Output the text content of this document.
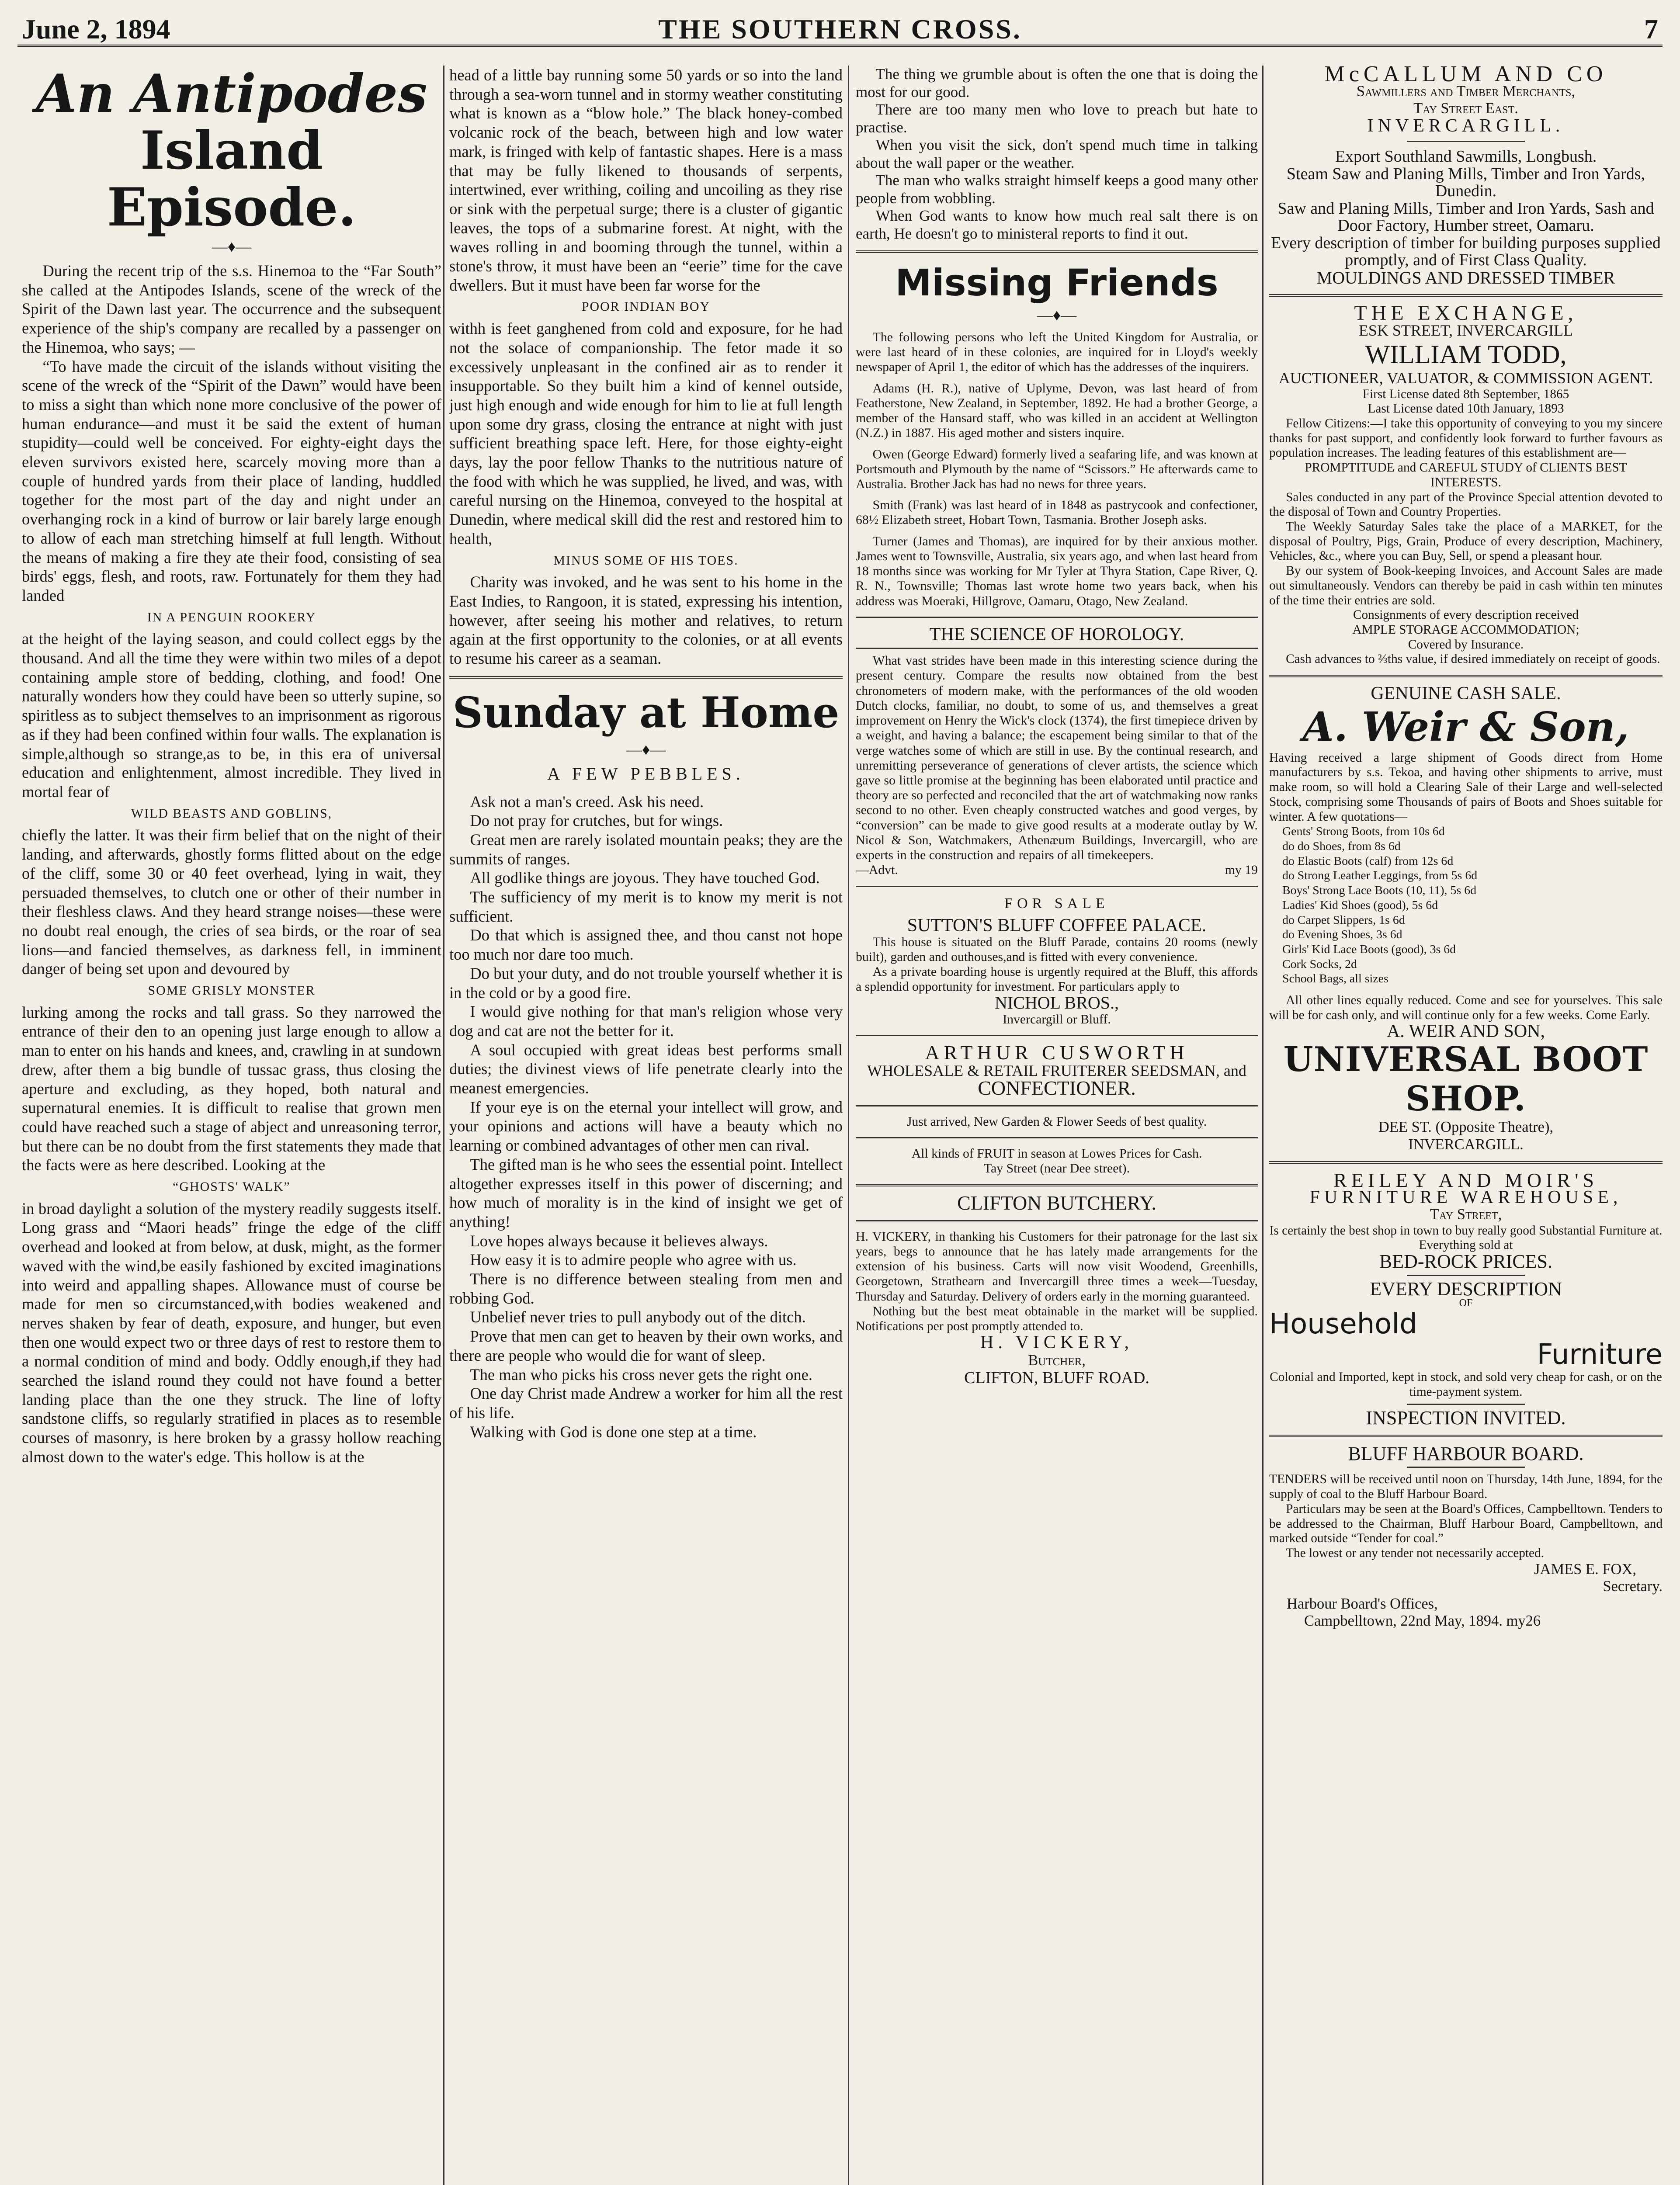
June 2, 1894	THE SOUTHERN CROSS.	7
An Antipodes
Island Episode.
—♦—

During the recent trip of the s.s. Hinemoa to the “Far South” she called at the Antipodes Islands, scene of the wreck of the Spirit of the Dawn last year. The occurrence and the subsequent experience of the ship's company are recalled by a passenger on the Hinemoa, who says; —

“To have made the circuit of the islands without visiting the scene of the wreck of the “Spirit of the Dawn” would have been to miss a sight than which none more conclusive of the power of human endurance—and must it be said the extent of human stupidity—could well be conceived. For eighty-eight days the eleven survivors existed here, scarcely moving more than a couple of hundred yards from their place of landing, huddled together for the most part of the day and night under an overhanging rock in a kind of burrow or lair barely large enough to allow of each man stretching himself at full length. Without the means of making a fire they ate their food, consisting of sea birds' eggs, flesh, and roots, raw. Fortunately for them they had landed

IN A PENGUIN ROOKERY

at the height of the laying season, and could collect eggs by the thousand. And all the time they were within two miles of a depot containing ample store of bedding, clothing, and food! One naturally wonders how they could have been so utterly supine, so spiritless as to subject themselves to an imprisonment as rigorous as if they had been confined within four walls. The explanation is simple,although so strange,as to be, in this era of universal education and enlightenment, almost incredible. They lived in mortal fear of

WILD BEASTS AND GOBLINS,

chiefly the latter. It was their firm belief that on the night of their landing, and afterwards, ghostly forms flitted about on the edge of the cliff, some 30 or 40 feet overhead, lying in wait, they persuaded themselves, to clutch one or other of their number in their fleshless claws. And they heard strange noises—these were no doubt real enough, the cries of sea birds, or the roar of sea lions—and fancied themselves, as darkness fell, in imminent danger of being set upon and devoured by

SOME GRISLY MONSTER

lurking among the rocks and tall grass. So they narrowed the entrance of their den to an opening just large enough to allow a man to enter on his hands and knees, and, crawling in at sundown drew, after them a big bundle of tussac grass, thus closing the aperture and excluding, as they hoped, both natural and supernatural enemies. It is difficult to realise that grown men could have reached such a stage of abject and unreasoning terror, but there can be no doubt from the first statements they made that the facts were as here described. Looking at the

“GHOSTS' WALK”

in broad daylight a solution of the mystery readily suggests itself. Long grass and “Maori heads” fringe the edge of the cliff overhead and looked at from below, at dusk, might, as the former waved with the wind,be easily fashioned by excited imaginations into weird and appalling shapes. Allowance must of course be made for men so circumstanced,with bodies weakened and nerves shaken by fear of death, exposure, and hunger, but even then one would expect two or three days of rest to restore them to a normal condition of mind and body. Oddly enough,if they had searched the island round they could not have found a better landing place than the one they struck. The line of lofty sandstone cliffs, so regularly stratified in places as to resemble courses of masonry, is here broken by a grassy hollow reaching almost down to the water's edge. This hollow is at the

head of a little bay running some 50 yards or so into the land through a sea-worn tunnel and in stormy weather constituting what is known as a “blow hole.” The black honey-combed volcanic rock of the beach, between high and low water mark, is fringed with kelp of fantastic shapes. Here is a mass that may be fully likened to thousands of serpents, intertwined, ever writhing, coiling and uncoiling as they rise or sink with the perpetual surge; there is a cluster of gigantic leaves, the tops of a submarine forest. At night, with the waves rolling in and booming through the tunnel, within a stone's throw, it must have been an “eerie” time for the cave dwellers. But it must have been far worse for the

POOR INDIAN BOY

withh is feet ganghened from cold and exposure, for he had not the solace of companionship. The fetor made it so excessively unpleasant in the confined air as to render it insupportable. So they built him a kind of kennel outside, just high enough and wide enough for him to lie at full length upon some dry grass, closing the entrance at night with just sufficient breathing space left. Here, for those eighty-eight days, lay the poor fellow Thanks to the nutritious nature of the food with which he was supplied, he lived, and was, with careful nursing on the Hinemoa, conveyed to the hospital at Dunedin, where medical skill did the rest and restored him to health,

MINUS SOME OF HIS TOES.

Charity was invoked, and he was sent to his home in the East Indies, to Rangoon, it is stated, expressing his intention, however, after seeing his mother and relatives, to return again at the first opportunity to the colonies, or at all events to resume his career as a seaman.

Sunday at Home
—♦—
A FEW PEBBLES.

Ask not a man's creed. Ask his need.

Do not pray for crutches, but for wings.

Great men are rarely isolated mountain peaks; they are the summits of ranges.

All godlike things are joyous. They have touched God.

The sufficiency of my merit is to know my merit is not sufficient.

Do that which is assigned thee, and thou canst not hope too much nor dare too much.

Do but your duty, and do not trouble yourself whether it is in the cold or by a good fire.

I would give nothing for that man's religion whose very dog and cat are not the better for it.

A soul occupied with great ideas best performs small duties; the divinest views of life penetrate clearly into the meanest emergencies.

If your eye is on the eternal your intellect will grow, and your opinions and actions will have a beauty which no learning or combined advantages of other men can rival.

The gifted man is he who sees the essential point. Intellect altogether expresses itself in this power of discerning; and how much of morality is in the kind of insight we get of anything!

Love hopes always because it believes always.

How easy it is to admire people who agree with us.

There is no difference between stealing from men and robbing God.

Unbelief never tries to pull anybody out of the ditch.

Prove that men can get to heaven by their own works, and there are people who would die for want of sleep.

The man who picks his cross never gets the right one.

One day Christ made Andrew a worker for him all the rest of his life.

Walking with God is done one step at a time.

The thing we grumble about is often the one that is doing the most for our good.

There are too many men who love to preach but hate to practise.

When you visit the sick, don't spend much time in talking about the wall paper or the weather.

The man who walks straight himself keeps a good many other people from wobbling.

When God wants to know how much real salt there is on earth, He doesn't go to ministeral reports to find it out.

Missing Friends
—♦—

The following persons who left the United Kingdom for Australia, or were last heard of in these colonies, are inquired for in Lloyd's weekly newspaper of April 1, the editor of which has the addresses of the inquirers.

Adams (H. R.), native of Uplyme, Devon, was last heard of from Featherstone, New Zealand, in September, 1892. He had a brother George, a member of the Hansard staff, who was killed in an accident at Wellington (N.Z.) in 1887. His aged mother and sisters inquire.

Owen (George Edward) formerly lived a seafaring life, and was known at Portsmouth and Plymouth by the name of “Scissors.” He afterwards came to Australia. Brother Jack has had no news for three years.

Smith (Frank) was last heard of in 1848 as pastrycook and confectioner, 68½ Elizabeth street, Hobart Town, Tasmania. Brother Joseph asks.

Turner (James and Thomas), are inquired for by their anxious mother. James went to Townsville, Australia, six years ago, and when last heard from 18 months since was working for Mr Tyler at Thyra Station, Cape River, Q. R. N., Townsville; Thomas last wrote home two years back, when his address was Moeraki, Hillgrove, Oamaru, Otago, New Zealand.

THE SCIENCE OF HOROLOGY.

What vast strides have been made in this interesting science during the present century. Compare the results now obtained from the best chronometers of modern make, with the performances of the old wooden Dutch clocks, familiar, no doubt, to some of us, and themselves a great improvement on Henry the Wick's clock (1374), the first timepiece driven by a weight, and having a balance; the escapement being similar to that of the verge watches some of which are still in use. By the continual research, and unremitting perseverance of generations of clever artists, the science which gave so little promise at the beginning has been elaborated until practice and theory are so perfected and reconciled that the art of watchmaking now ranks second to no other. Even cheaply constructed watches and good verges, by “conversion” can be made to give good results at a moderate outlay by W. Nicol & Son, Watchmakers, Athenæum Buildings, Invercargill, who are experts in the construction and repairs of all timekeepers.

—Advt.	my 19
FOR SALE
SUTTON'S BLUFF COFFEE PALACE.

This house is situated on the Bluff Parade, contains 20 rooms (newly built), garden and outhouses,and is fitted with every convenience.

As a private boarding house is urgently required at the Bluff, this affords a splendid opportunity for investment. For particulars apply to

NICHOL BROS.,
Invercargill or Bluff.
ARTHUR CUSWORTH
WHOLESALE & RETAIL FRUITERER SEEDSMAN, and
CONFECTIONER.
Just arrived, New Garden & Flower Seeds of best quality.
All kinds of FRUIT in season at Lowes Prices for Cash.
Tay Street (near Dee street).
CLIFTON BUTCHERY.

H. VICKERY, in thanking his Customers for their patronage for the last six years, begs to announce that he has lately made arrangements for the extension of his business. Carts will now visit Woodend, Greenhills, Georgetown, Strathearn and Invercargill three times a week—Tuesday, Thursday and Saturday. Delivery of orders early in the morning guaranteed.

Nothing but the best meat obtainable in the market will be supplied. Notifications per post promptly attended to.

H. VICKERY,
Butcher,
CLIFTON, BLUFF ROAD.
McCALLUM AND CO
Sawmillers and Timber Merchants,
Tay Street East.
INVERCARGILL.
Export Southland Sawmills, Longbush.
Steam Saw and Planing Mills, Timber and Iron Yards, Dunedin.
Saw and Planing Mills, Timber and Iron Yards, Sash and Door Factory, Humber street, Oamaru.
Every description of timber for building purposes supplied promptly, and of First Class Quality.
MOULDINGS AND DRESSED TIMBER
THE EXCHANGE,
ESK STREET, INVERCARGILL
WILLIAM TODD,
AUCTIONEER, VALUATOR, & COMMISSION AGENT.
First License dated 8th September, 1865
Last License dated 10th January, 1893

Fellow Citizens:—I take this opportunity of conveying to you my sincere thanks for past support, and confidently look forward to further favours as population increases. The leading features of this establishment are—

PROMPTITUDE and CAREFUL STUDY of CLIENTS BEST INTERESTS.

Sales conducted in any part of the Province Special attention devoted to the disposal of Town and Country Properties.

The Weekly Saturday Sales take the place of a MARKET, for the disposal of Poultry, Pigs, Grain, Produce of every description, Machinery, Vehicles, &c., where you can Buy, Sell, or spend a pleasant hour.

By our system of Book-keeping Invoices, and Account Sales are made out simultaneously. Vendors can thereby be paid in cash within ten minutes of the time their entries are sold.

Consignments of every description received
AMPLE STORAGE ACCOMMODATION;
Covered by Insurance.

Cash advances to ⅔ths value, if desired immediately on receipt of goods.

GENUINE CASH SALE.
A. Weir & Son,

Having received a large shipment of Goods direct from Home manufacturers by s.s. Tekoa, and having other shipments to arrive, must make room, so will hold a Clearing Sale of their Large and well-selected Stock, comprising some Thousands of pairs of Boots and Shoes suitable for winter. A few quotations—

Gents' Strong Boots, from 10s 6d
do do Shoes, from 8s 6d
do Elastic Boots (calf) from 12s 6d
do Strong Leather Leggings, from 5s 6d
Boys' Strong Lace Boots (10, 11), 5s 6d
Ladies' Kid Shoes (good), 5s 6d
do Carpet Slippers, 1s 6d
do Evening Shoes, 3s 6d
Girls' Kid Lace Boots (good), 3s 6d
Cork Socks, 2d
School Bags, all sizes

All other lines equally reduced. Come and see for yourselves. This sale will be for cash only, and will continue only for a few weeks. Come Early.

A. WEIR AND SON,
UNIVERSAL BOOT SHOP.
DEE ST. (Opposite Theatre),
INVERCARGILL.
REILEY AND MOIR'S
FURNITURE WAREHOUSE,
Tay Street,
Is certainly the best shop in town to buy really good Substantial Furniture at. Everything sold at
BED-ROCK PRICES.
EVERY DESCRIPTION
OF
Household
Furniture
Colonial and Imported, kept in stock, and sold very cheap for cash, or on the time-payment system.
INSPECTION INVITED.
BLUFF HARBOUR BOARD.

TENDERS will be received until noon on Thursday, 14th June, 1894, for the supply of coal to the Bluff Harbour Board.

Particulars may be seen at the Board's Offices, Campbelltown. Tenders to be addressed to the Chairman, Bluff Harbour Board, Campbelltown, and marked outside “Tender for coal.”

The lowest or any tender not necessarily accepted.

JAMES E. FOX,
Secretary.
Harbour Board's Offices,
Campbelltown, 22nd May, 1894. my26
